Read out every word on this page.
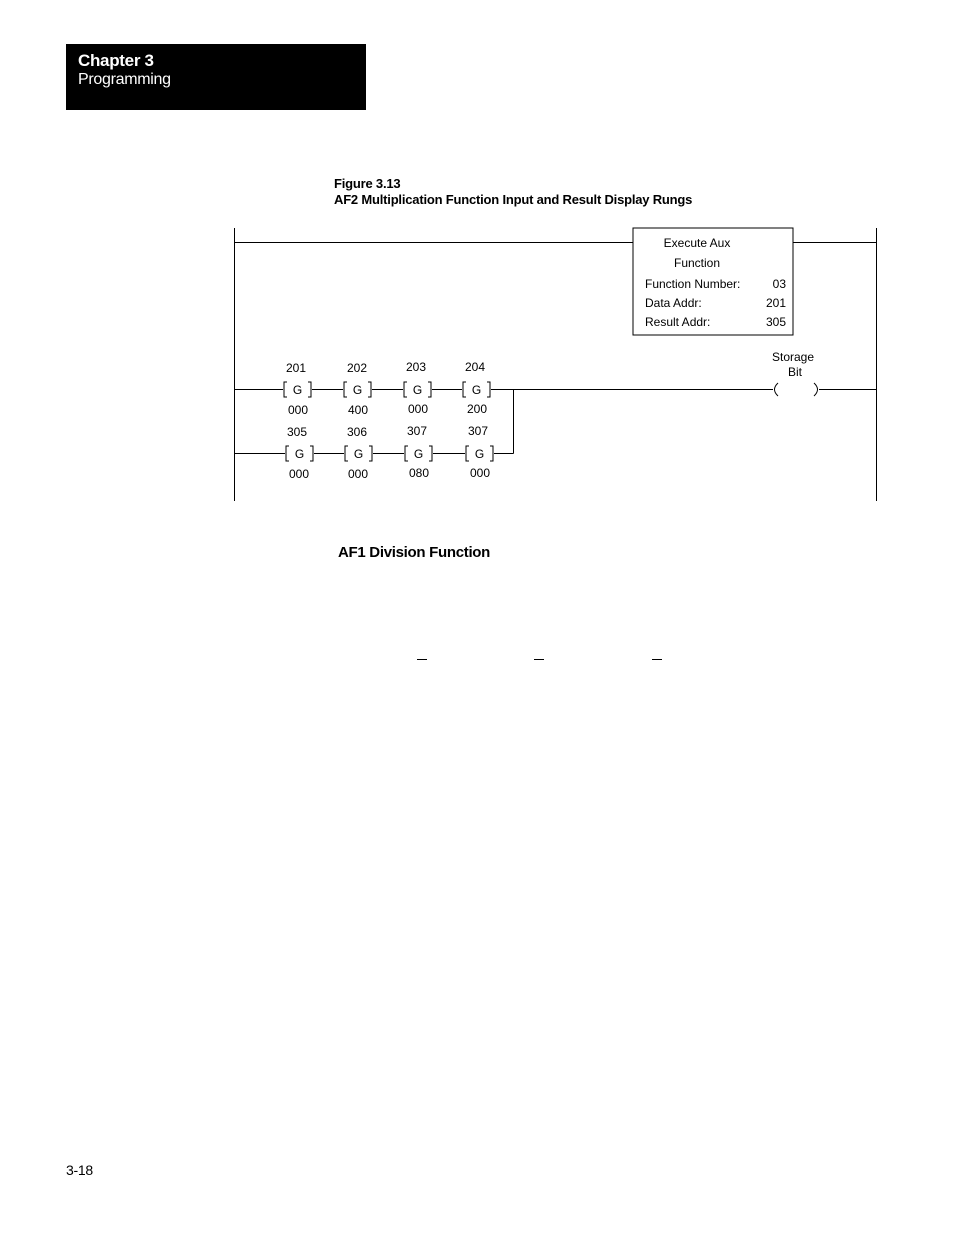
Chapter 3
Programming
Figure 3.13
AF2 Multiplication Function Input and Result Display Rungs
Execute Aux
Function
Function Number:	03
Data Addr:	201
Result Addr:	305
G
201
000
G
202
400
G
203
000
G
204
200
G
305
000
G
306
000
G
307
080
G
307
000
Storage
Bit
AF1 Division Function
3-18
